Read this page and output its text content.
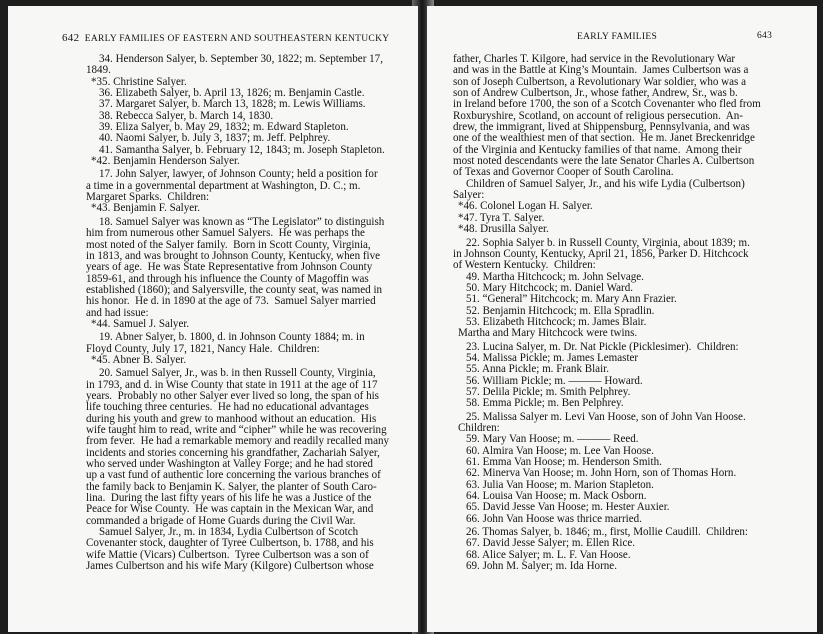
642 EARLY FAMILIES OF EASTERN AND SOUTHEASTERN KENTUCKY
34. Henderson Salyer, b. September 30, 1822; m. September 17,
1849.
*35. Christine Salyer.
36. Elizabeth Salyer, b. April 13, 1826; m. Benjamin Castle.
37. Margaret Salyer, b. March 13, 1828; m. Lewis Williams.
38. Rebecca Salyer, b. March 14, 1830.
39. Eliza Salyer, b. May 29, 1832; m. Edward Stapleton.
40. Naomi Salyer, b. July 3, 1837; m. Jeff. Pelphrey.
41. Samantha Salyer, b. February 12, 1843; m. Joseph Stapleton.
*42. Benjamin Henderson Salyer.
17. John Salyer, lawyer, of Johnson County; held a position for
a time in a governmental department at Washington, D. C.; m.
Margaret Sparks.  Children:
*43. Benjamin F. Salyer.
18. Samuel Salyer was known as “The Legislator” to distinguish
him from numerous other Samuel Salyers.  He was perhaps the
most noted of the Salyer family.  Born in Scott County, Virginia,
in 1813, and was brought to Johnson County, Kentucky, when five
years of age.  He was State Representative from Johnson County
1859-61, and through his influence the County of Magoffin was
established (1860); and Salyersville, the county seat, was named in
his honor.  He d. in 1890 at the age of 73.  Samuel Salyer married
and had issue:
*44. Samuel J. Salyer.
19. Abner Salyer, b. 1800, d. in Johnson County 1884; m. in
Floyd County, July 17, 1821, Nancy Hale.  Children:
*45. Abner B. Salyer.
20. Samuel Salyer, Jr., was b. in then Russell County, Virginia,
in 1793, and d. in Wise County that state in 1911 at the age of 117
years.  Probably no other Salyer ever lived so long, the span of his
life touching three centuries.  He had no educational advantages
during his youth and grew to manhood without an education.  His
wife taught him to read, write and “cipher” while he was recovering
from fever.  He had a remarkable memory and readily recalled many
incidents and stories concerning his grandfather, Zachariah Salyer,
who served under Washington at Valley Forge; and he had stored
up a vast fund of authentic lore concerning the various branches of
the family back to Benjamin K. Salyer, the planter of South Caro-
lina.  During the last fifty years of his life he was a Justice of the
Peace for Wise County.  He was captain in the Mexican War, and
commanded a brigade of Home Guards during the Civil War.
Samuel Salyer, Jr., m. in 1834, Lydia Culbertson of Scotch
Covenanter stock, daughter of Tyree Culbertson, b. 1788, and his
wife Mattie (Vicars) Culbertson.  Tyree Culbertson was a son of
James Culbertson and his wife Mary (Kilgore) Culbertson whose
EARLY FAMILIES	643
father, Charles T. Kilgore, had service in the Revolutionary War
and was in the Battle at King’s Mountain.  James Culbertson was a
son of Joseph Culbertson, a Revolutionary War soldier, who was a
son of Andrew Culbertson, Jr., whose father, Andrew, Sr., was b.
in Ireland before 1700, the son of a Scotch Covenanter who fled from
Roxburyshire, Scotland, on account of religious persecution.  An-
drew, the immigrant, lived at Shippensburg, Pennsylvania, and was
one of the wealthiest men of that section.  He m. Janet Breckenridge
of the Virginia and Kentucky families of that name.  Among their
most noted descendants were the late Senator Charles A. Culbertson
of Texas and Governor Cooper of South Carolina.
Children of Samuel Salyer, Jr., and his wife Lydia (Culbertson)
Salyer:
*46. Colonel Logan H. Salyer.
*47. Tyra T. Salyer.
*48. Drusilla Salyer.
22. Sophia Salyer b. in Russell County, Virginia, about 1839; m.
in Johnson County, Kentucky, April 21, 1856, Parker D. Hitchcock
of Western Kentucky.  Children:
49. Martha Hitchcock; m. John Selvage.
50. Mary Hitchcock; m. Daniel Ward.
51. “General” Hitchcock; m. Mary Ann Frazier.
52. Benjamin Hitchcock; m. Ella Spradlin.
53. Elizabeth Hitchcock; m. James Blair.
Martha and Mary Hitchcock were twins.
23. Lucina Salyer, m. Dr. Nat Pickle (Picklesimer).  Children:
54. Malissa Pickle; m. James Lemaster
55. Anna Pickle; m. Frank Blair.
56. William Pickle; m. ——— Howard.
57. Delila Pickle; m. Smith Pelphrey.
58. Emma Pickle; m. Ben Pelphrey.
25. Malissa Salyer m. Levi Van Hoose, son of John Van Hoose.
Children:
59. Mary Van Hoose; m. ——— Reed.
60. Almira Van Hoose; m. Lee Van Hoose.
61. Emma Van Hoose; m. Henderson Smith.
62. Minerva Van Hoose; m. John Horn, son of Thomas Horn.
63. Julia Van Hoose; m. Marion Stapleton.
64. Louisa Van Hoose; m. Mack Osborn.
65. David Jesse Van Hoose; m. Hester Auxier.
66. John Van Hoose was thrice married.
26. Thomas Salyer, b. 1846; m., first, Mollie Caudill.  Children:
67. David Jesse Salyer; m. Ellen Rice.
68. Alice Salyer; m. L. F. Van Hoose.
69. John M. Salyer; m. Ida Horne.
